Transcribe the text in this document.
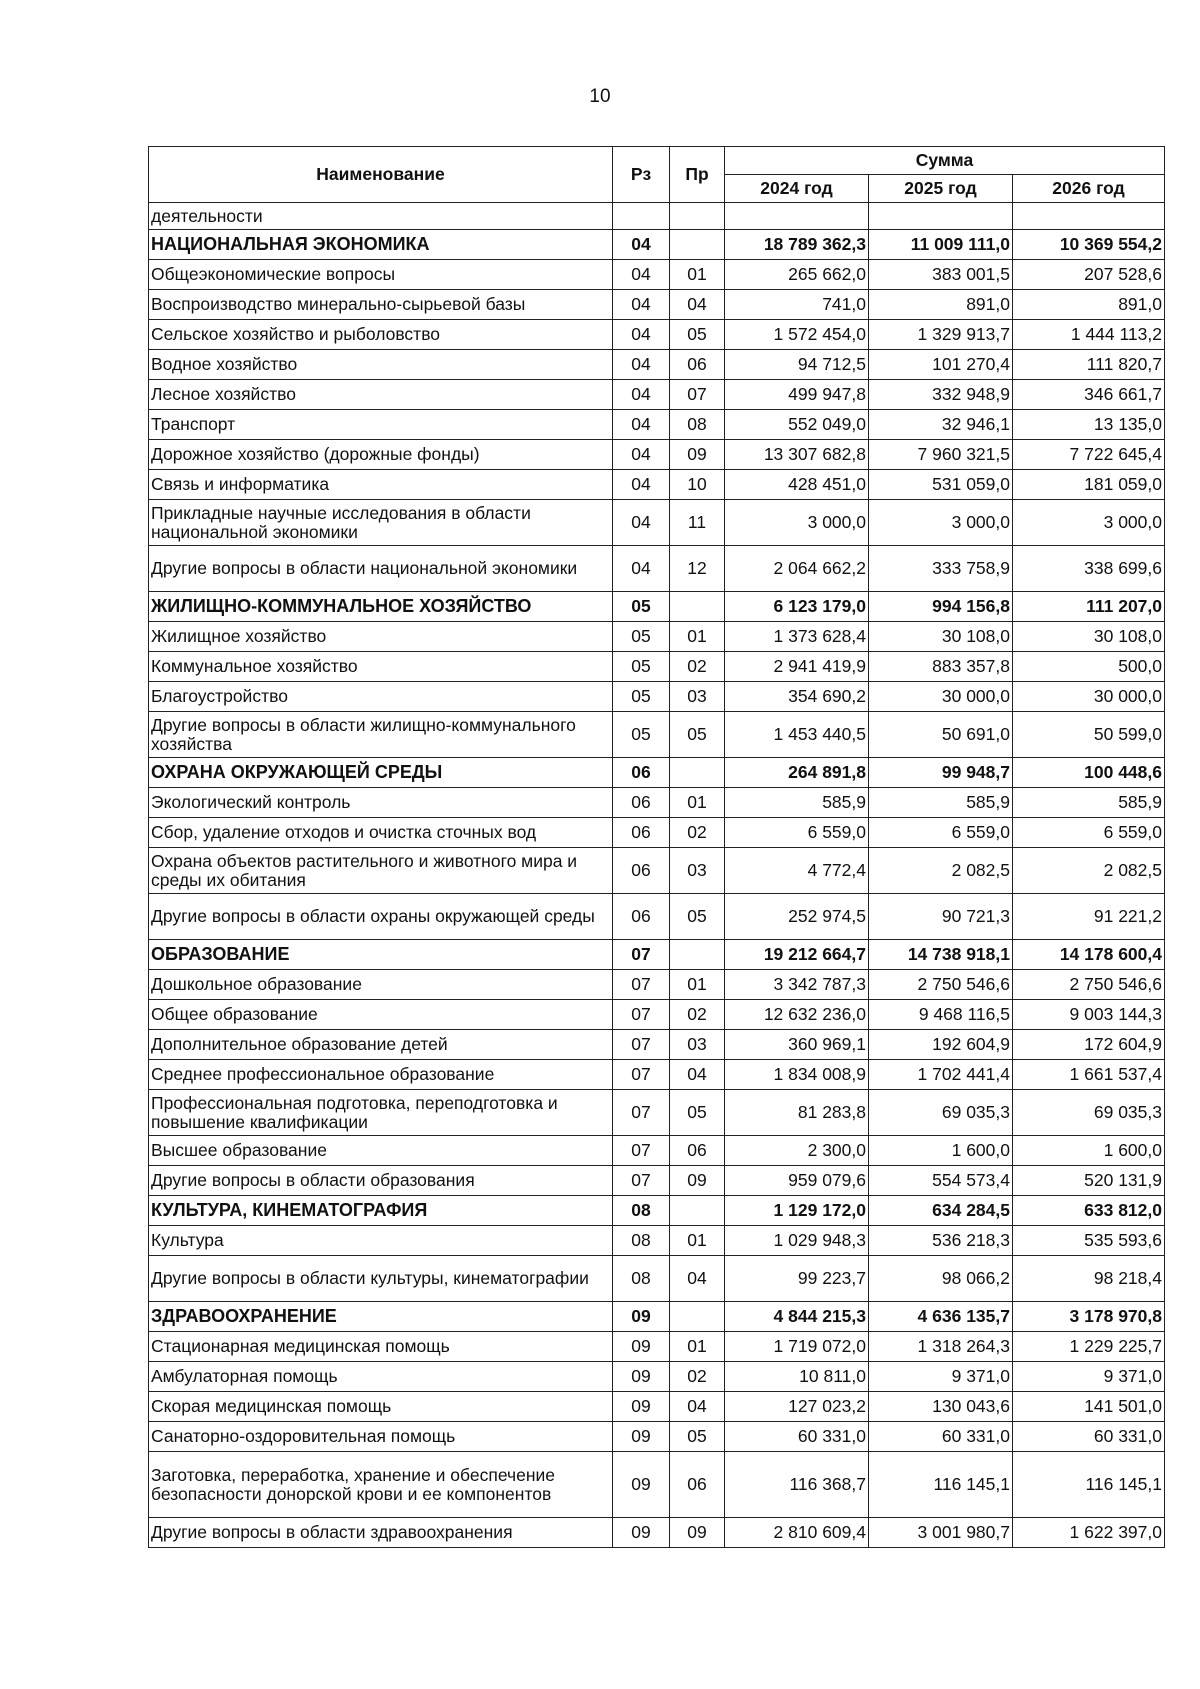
10
Наименование	Рз	Пр	Сумма		
			2024 год	2025 год	2026 год
деятельности					
НАЦИОНАЛЬНАЯ ЭКОНОМИКА	04		18 789 362,3	11 009 111,0	10 369 554,2
Общеэкономические вопросы	04	01	265 662,0	383 001,5	207 528,6
Воспроизводство минерально-сырьевой базы	04	04	741,0	891,0	891,0
Сельское хозяйство и рыболовство	04	05	1 572 454,0	1 329 913,7	1 444 113,2
Водное хозяйство	04	06	94 712,5	101 270,4	111 820,7
Лесное хозяйство	04	07	499 947,8	332 948,9	346 661,7
Транспорт	04	08	552 049,0	32 946,1	13 135,0
Дорожное хозяйство (дорожные фонды)	04	09	13 307 682,8	7 960 321,5	7 722 645,4
Связь и информатика	04	10	428 451,0	531 059,0	181 059,0
Прикладные научные исследования в области национальной экономики	04	11	3 000,0	3 000,0	3 000,0
Другие вопросы в области национальной экономики	04	12	2 064 662,2	333 758,9	338 699,6
ЖИЛИЩНО-КОММУНАЛЬНОЕ ХОЗЯЙСТВО	05		6 123 179,0	994 156,8	111 207,0
Жилищное хозяйство	05	01	1 373 628,4	30 108,0	30 108,0
Коммунальное хозяйство	05	02	2 941 419,9	883 357,8	500,0
Благоустройство	05	03	354 690,2	30 000,0	30 000,0
Другие вопросы в области жилищно-коммунального хозяйства	05	05	1 453 440,5	50 691,0	50 599,0
ОХРАНА ОКРУЖАЮЩЕЙ СРЕДЫ	06		264 891,8	99 948,7	100 448,6
Экологический контроль	06	01	585,9	585,9	585,9
Сбор, удаление отходов и очистка сточных вод	06	02	6 559,0	6 559,0	6 559,0
Охрана объектов растительного и животного мира и среды их обитания	06	03	4 772,4	2 082,5	2 082,5
Другие вопросы в области охраны окружающей среды	06	05	252 974,5	90 721,3	91 221,2
ОБРАЗОВАНИЕ	07		19 212 664,7	14 738 918,1	14 178 600,4
Дошкольное образование	07	01	3 342 787,3	2 750 546,6	2 750 546,6
Общее образование	07	02	12 632 236,0	9 468 116,5	9 003 144,3
Дополнительное образование детей	07	03	360 969,1	192 604,9	172 604,9
Среднее профессиональное образование	07	04	1 834 008,9	1 702 441,4	1 661 537,4
Профессиональная подготовка, переподготовка и повышение квалификации	07	05	81 283,8	69 035,3	69 035,3
Высшее образование	07	06	2 300,0	1 600,0	1 600,0
Другие вопросы в области образования	07	09	959 079,6	554 573,4	520 131,9
КУЛЬТУРА, КИНЕМАТОГРАФИЯ	08		1 129 172,0	634 284,5	633 812,0
Культура	08	01	1 029 948,3	536 218,3	535 593,6
Другие вопросы в области культуры, кинематографии	08	04	99 223,7	98 066,2	98 218,4
ЗДРАВООХРАНЕНИЕ	09		4 844 215,3	4 636 135,7	3 178 970,8
Стационарная медицинская помощь	09	01	1 719 072,0	1 318 264,3	1 229 225,7
Амбулаторная помощь	09	02	10 811,0	9 371,0	9 371,0
Скорая медицинская помощь	09	04	127 023,2	130 043,6	141 501,0
Санаторно-оздоровительная помощь	09	05	60 331,0	60 331,0	60 331,0
Заготовка, переработка, хранение и обеспечение безопасности донорской крови и ее компонентов	09	06	116 368,7	116 145,1	116 145,1
Другие вопросы в области здравоохранения	09	09	2 810 609,4	3 001 980,7	1 622 397,0
